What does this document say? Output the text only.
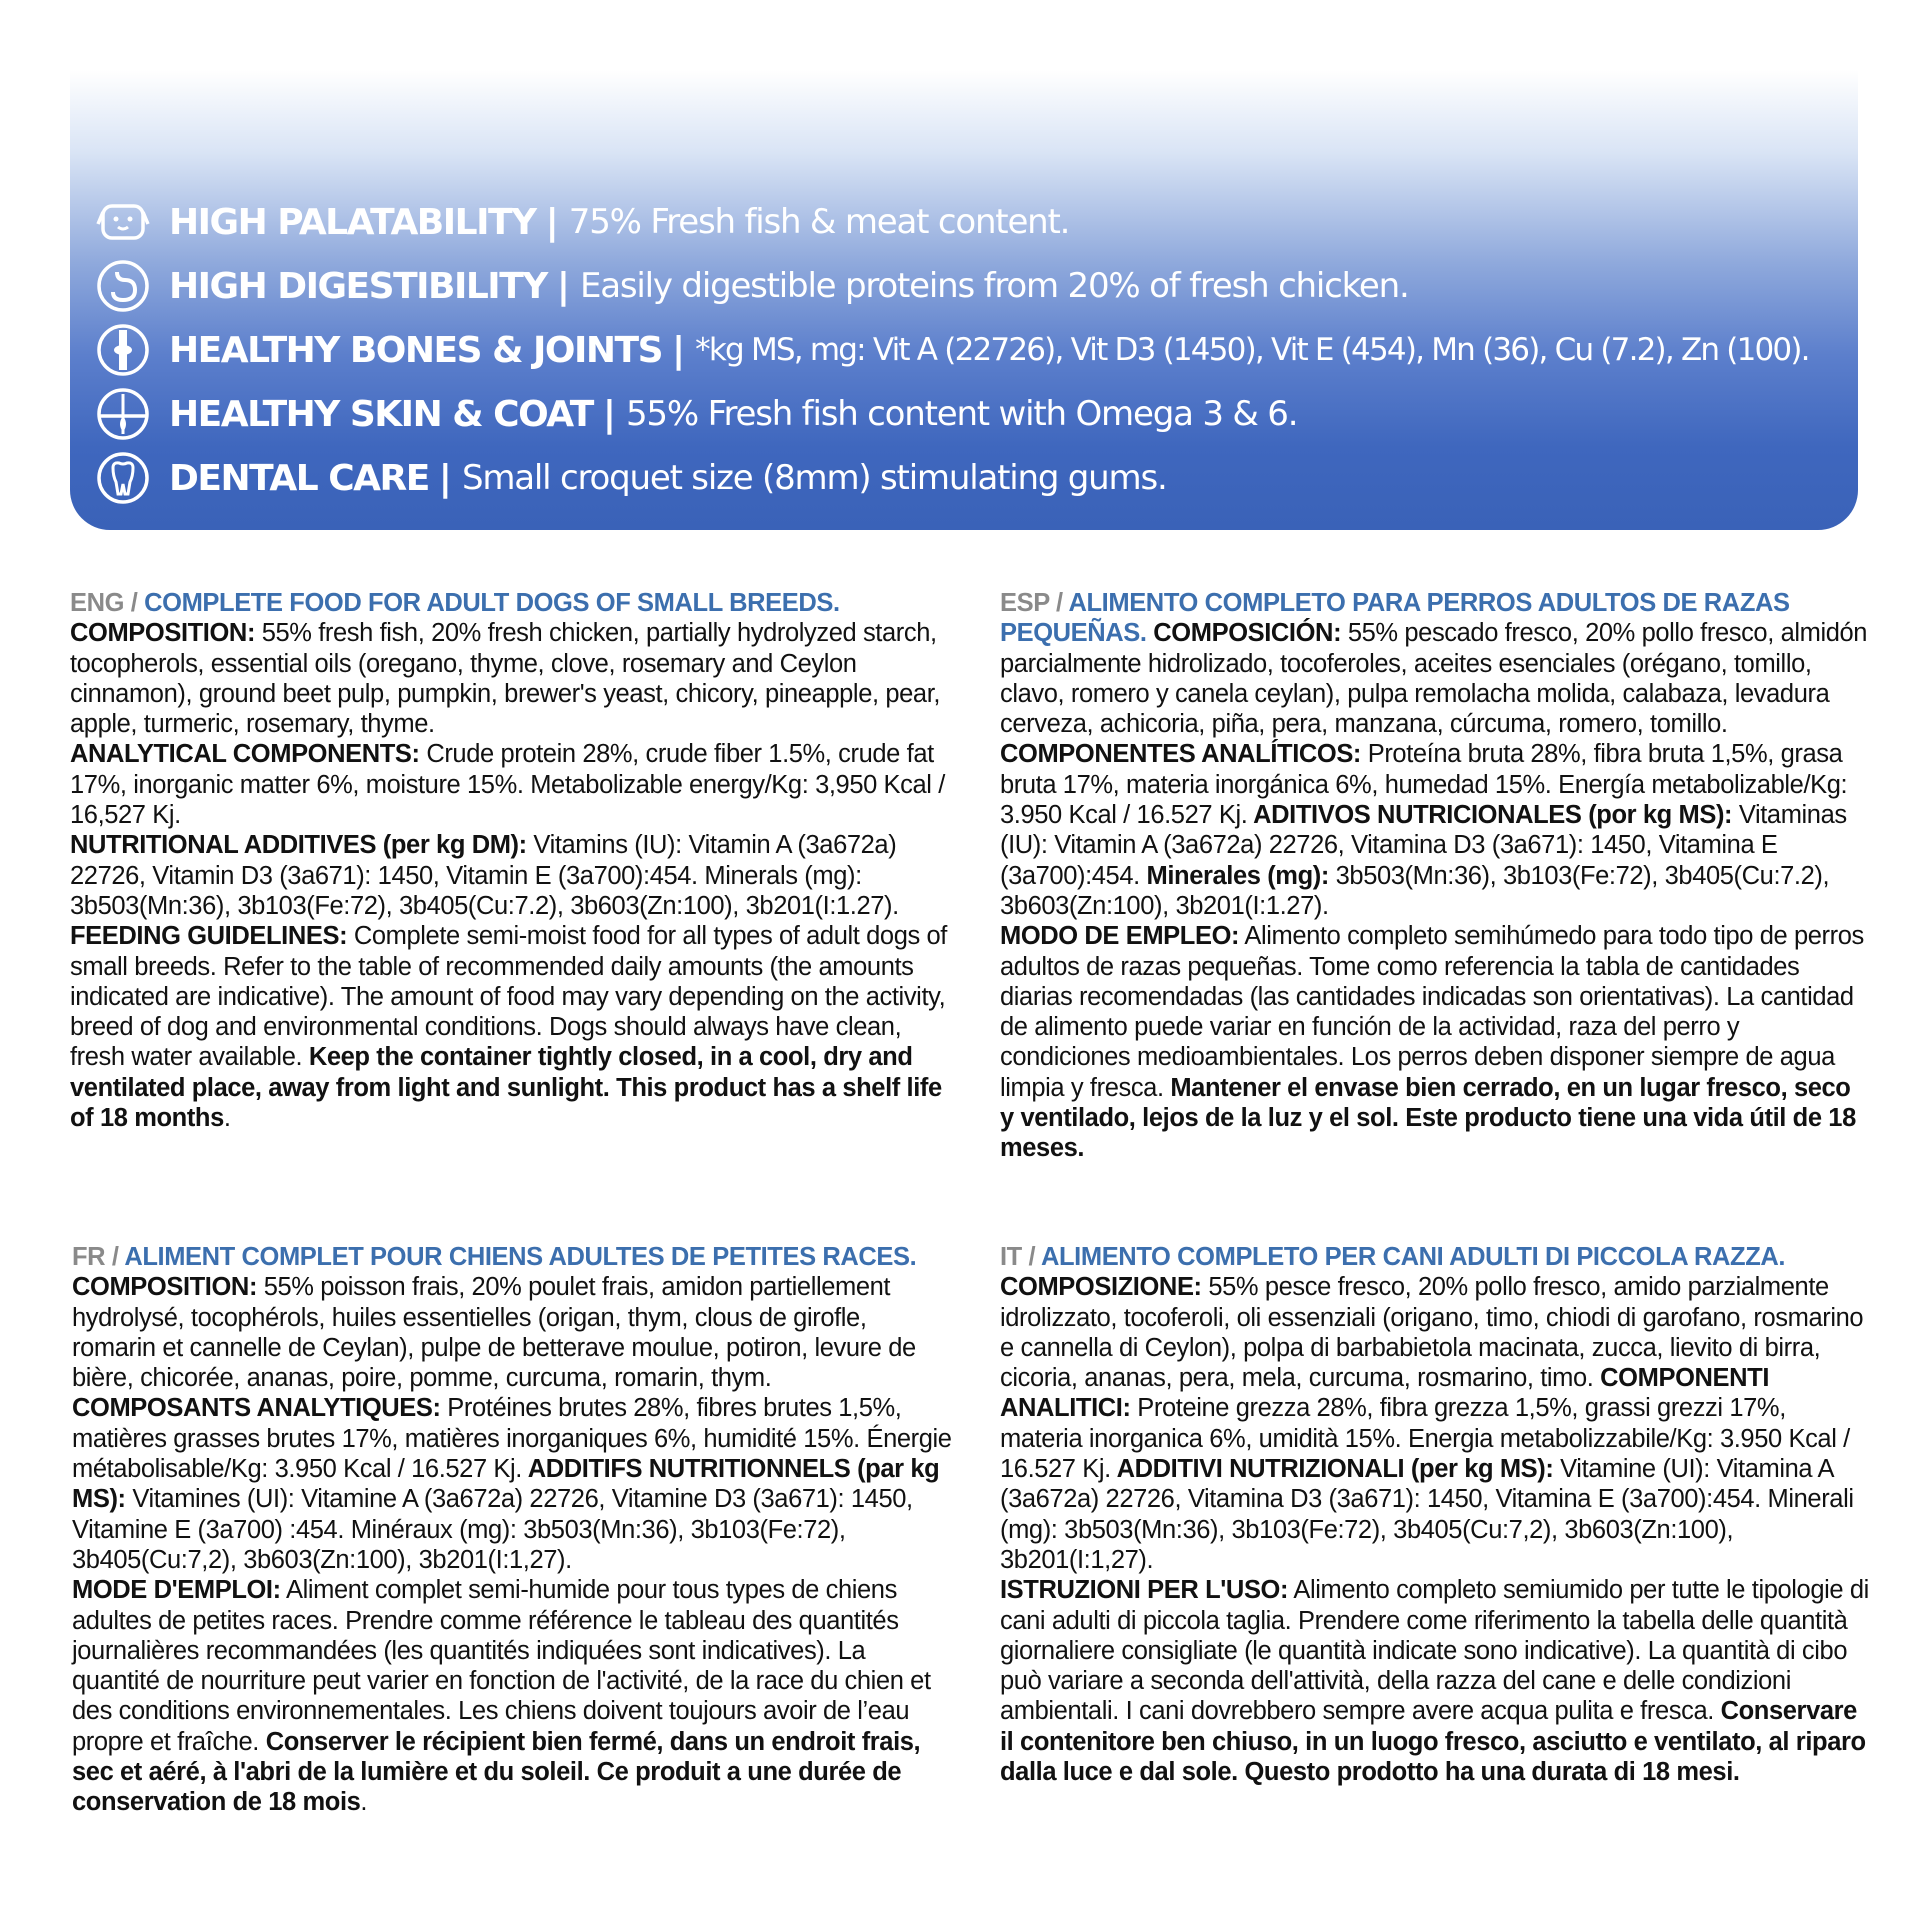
HIGH PALATABILITY | 75% Fresh fish & meat content.
HIGH DIGESTIBILITY | Easily digestible proteins from 20% of fresh chicken.
HEALTHY BONES & JOINTS | *kg MS, mg: Vit A (22726), Vit D3 (1450), Vit E (454), Mn (36), Cu (7.2), Zn (100).
HEALTHY SKIN & COAT | 55% Fresh fish content with Omega 3 & 6.
DENTAL CARE | Small croquet size (8mm) stimulating gums.

ENG / COMPLETE FOOD FOR ADULT DOGS OF SMALL BREEDS.

COMPOSITION: 55% fresh fish, 20% fresh chicken, partially hydrolyzed starch, tocopherols, essential oils (oregano, thyme, clove, rosemary and Ceylon cinnamon), ground beet pulp, pumpkin, brewer's yeast, chicory, pineapple, pear, apple, turmeric, rosemary, thyme.

ANALYTICAL COMPONENTS: Crude protein 28%, crude fiber 1.5%, crude fat 17%, inorganic matter 6%, moisture 15%. Metabolizable energy/Kg: 3,950 Kcal / 16,527 Kj.

NUTRITIONAL ADDITIVES (per kg DM): Vitamins (IU): Vitamin A (3a672a) 22726, Vitamin D3 (3a671): 1450, Vitamin E (3a700):454. Minerals (mg): 3b503(Mn:36), 3b103(Fe:72), 3b405(Cu:7.2), 3b603(Zn:100), 3b201(I:1.27).

FEEDING GUIDELINES: Complete semi-moist food for all types of adult dogs of small breeds. Refer to the table of recommended daily amounts (the amounts indicated are indicative). The amount of food may vary depending on the activity, breed of dog and environmental conditions. Dogs should always have clean, fresh water available. Keep the container tightly closed, in a cool, dry and ventilated place, away from light and sunlight. This product has a shelf life of 18 months.

ESP / ALIMENTO COMPLETO PARA PERROS ADULTOS DE RAZAS PEQUEÑAS. COMPOSICIÓN: 55% pescado fresco, 20% pollo fresco, almidón parcialmente hidrolizado, tocoferoles, aceites esenciales (orégano, tomillo, clavo, romero y canela ceylan), pulpa remolacha molida, calabaza, levadura cerveza, achicoria, piña, pera, manzana, cúrcuma, romero, tomillo. COMPONENTES ANALÍTICOS: Proteína bruta 28%, fibra bruta 1,5%, grasa bruta 17%, materia inorgánica 6%, humedad 15%. Energía metabolizable/Kg: 3.950 Kcal / 16.527 Kj. ADITIVOS NUTRICIONALES (por kg MS): Vitaminas (IU): Vitamin A (3a672a) 22726, Vitamina D3 (3a671): 1450, Vitamina E (3a700):454. Minerales (mg): 3b503(Mn:36), 3b103(Fe:72), 3b405(Cu:7.2), 3b603(Zn:100), 3b201(I:1.27).

MODO DE EMPLEO: Alimento completo semihúmedo para todo tipo de perros adultos de razas pequeñas. Tome como referencia la tabla de cantidades diarias recomendadas (las cantidades indicadas son orientativas). La cantidad de alimento puede variar en función de la actividad, raza del perro y condiciones medioambientales. Los perros deben disponer siempre de agua limpia y fresca. Mantener el envase bien cerrado, en un lugar fresco, seco y ventilado, lejos de la luz y el sol. Este producto tiene una vida útil de 18 meses.

FR / ALIMENT COMPLET POUR CHIENS ADULTES DE PETITES RACES. COMPOSITION: 55% poisson frais, 20% poulet frais, amidon partiellement hydrolysé, tocophérols, huiles essentielles (origan, thym, clous de girofle, romarin et cannelle de Ceylan), pulpe de betterave moulue, potiron, levure de bière, chicorée, ananas, poire, pomme, curcuma, romarin, thym. COMPOSANTS ANALYTIQUES: Protéines brutes 28%, fibres brutes 1,5%, matières grasses brutes 17%, matières inorganiques 6%, humidité 15%. Énergie métabolisable/Kg: 3.950 Kcal / 16.527 Kj. ADDITIFS NUTRITIONNELS (par kg MS): Vitamines (UI): Vitamine A (3a672a) 22726, Vitamine D3 (3a671): 1450, Vitamine E (3a700) :454. Minéraux (mg): 3b503(Mn:36), 3b103(Fe:72), 3b405(Cu:7,2), 3b603(Zn:100), 3b201(I:1,27).

MODE D'EMPLOI: Aliment complet semi-humide pour tous types de chiens adultes de petites races. Prendre comme référence le tableau des quantités journalières recommandées (les quantités indiquées sont indicatives). La quantité de nourriture peut varier en fonction de l'activité, de la race du chien et des conditions environnementales. Les chiens doivent toujours avoir de l’eau propre et fraîche. Conserver le récipient bien fermé, dans un endroit frais, sec et aéré, à l'abri de la lumière et du soleil. Ce produit a une durée de conservation de 18 mois.

IT / ALIMENTO COMPLETO PER CANI ADULTI DI PICCOLA RAZZA. COMPOSIZIONE: 55% pesce fresco, 20% pollo fresco, amido parzialmente idrolizzato, tocoferoli, oli essenziali (origano, timo, chiodi di garofano, rosmarino e cannella di Ceylon), polpa di barbabietola macinata, zucca, lievito di birra, cicoria, ananas, pera, mela, curcuma, rosmarino, timo. COMPONENTI ANALITICI: Proteine grezza 28%, fibra grezza 1,5%, grassi grezzi 17%, materia inorganica 6%, umidità 15%. Energia metabolizzabile/Kg: 3.950 Kcal / 16.527 Kj. ADDITIVI NUTRIZIONALI (per kg MS): Vitamine (UI): Vitamina A (3a672a) 22726, Vitamina D3 (3a671): 1450, Vitamina E (3a700):454. Minerali (mg): 3b503(Mn:36), 3b103(Fe:72), 3b405(Cu:7,2), 3b603(Zn:100), 3b201(I:1,27).

ISTRUZIONI PER L'USO: Alimento completo semiumido per tutte le tipologie di cani adulti di piccola taglia. Prendere come riferimento la tabella delle quantità giornaliere consigliate (le quantità indicate sono indicative). La quantità di cibo può variare a seconda dell'attività, della razza del cane e delle condizioni ambientali. I cani dovrebbero sempre avere acqua pulita e fresca. Conservare il contenitore ben chiuso, in un luogo fresco, asciutto e ventilato, al riparo dalla luce e dal sole. Questo prodotto ha una durata di 18 mesi.
